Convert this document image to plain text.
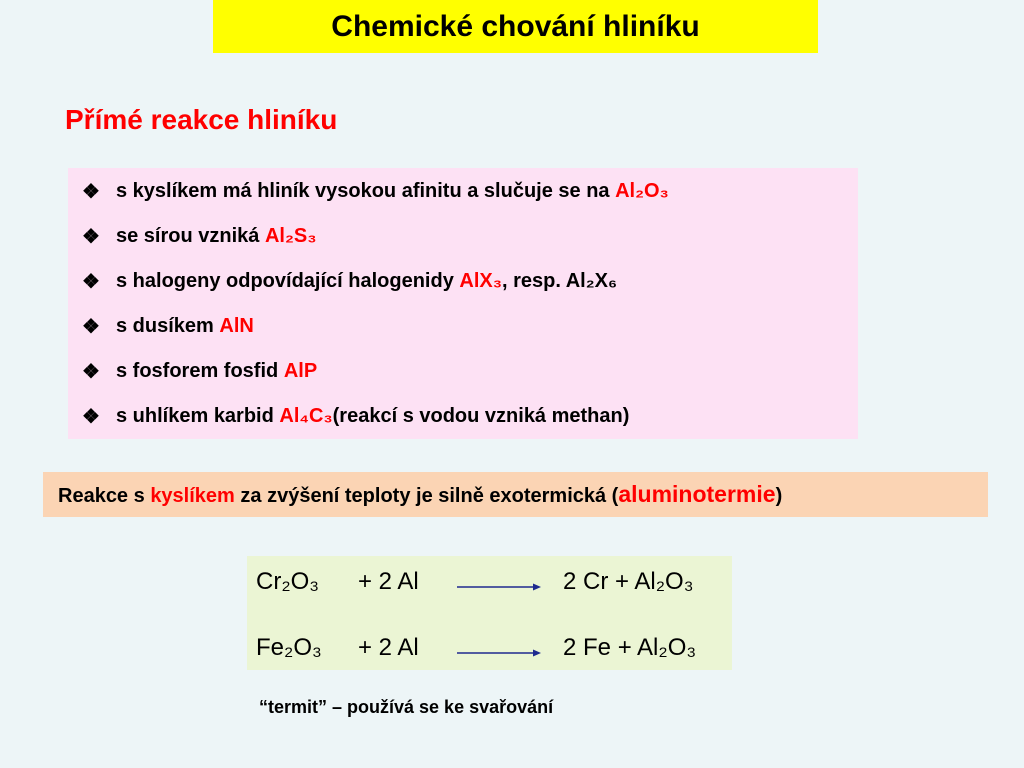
Chemické chování hliníku
Přímé reakce hliníku
❖ s kyslíkem má hliník vysokou afinitu a slučuje se na
Al₂O₃
❖ se sírou vzniká
Al₂S₃
❖ s halogeny odpovídající halogenidy
AlX₃ , resp. Al₂X₆
❖ s dusíkem
AlN
❖ s fosforem fosfid
AlP
❖ s uhlíkem karbid
Al₄C₃ (reakcí s vodou vzniká methan)
Reakce s kyslíkem za zvýšení teploty je silně exotermická (aluminotermie)
Cr₂O₃ + 2 Al → 2 Cr + Al₂O₃
Fe₂O₃ + 2 Al → 2 Fe + Al₂O₃
“termit” – používá se ke svařování
